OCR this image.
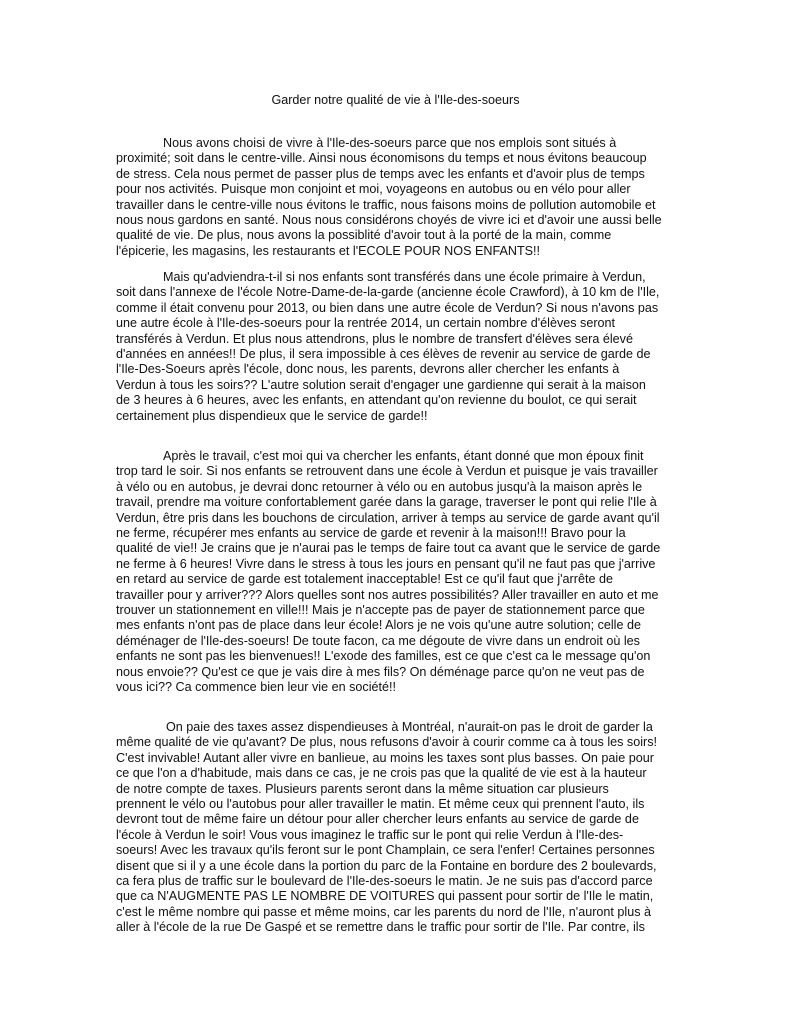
Garder notre qualité de vie à l'Ile-des-soeurs
Nous avons choisi de vivre à l'Ile-des-soeurs parce que nos emplois sont situés à
proximité; soit dans le centre-ville. Ainsi nous économisons du temps et nous évitons beaucoup
de stress. Cela nous permet de passer plus de temps avec les enfants et d'avoir plus de temps
pour nos activités. Puisque mon conjoint et moi, voyageons en autobus ou en vélo pour aller
travailler dans le centre-ville nous évitons le traffic, nous faisons moins de pollution automobile et
nous nous gardons en santé. Nous nous considérons choyés de vivre ici et d'avoir une aussi belle
qualité de vie. De plus, nous avons la possiblité d'avoir tout à la porté de la main, comme
l'épicerie, les magasins, les restaurants et l'ECOLE POUR NOS ENFANTS!!
Mais qu'adviendra-t-il si nos enfants sont transférés dans une école primaire à Verdun,
soit dans l'annexe de l'école Notre-Dame-de-la-garde (ancienne école Crawford), à 10 km de l'Ile,
comme il était convenu pour 2013, ou bien dans une autre école de Verdun? Si nous n'avons pas
une autre école à l'Ile-des-soeurs pour la rentrée 2014, un certain nombre d'élèves seront
transférés à Verdun. Et plus nous attendrons, plus le nombre de transfert d'élèves sera élevé
d'années en années!! De plus, il sera impossible à ces élèves de revenir au service de garde de
l'Ile-Des-Soeurs après l'école, donc nous, les parents, devrons aller chercher les enfants à
Verdun à tous les soirs?? L'autre solution serait d'engager une gardienne qui serait à la maison
de 3 heures à 6 heures, avec les enfants, en attendant qu'on revienne du boulot, ce qui serait
certainement plus dispendieux que le service de garde!!
Après le travail, c'est moi qui va chercher les enfants, étant donné que mon époux finit
trop tard le soir. Si nos enfants se retrouvent dans une école à Verdun et puisque je vais travailler
à vélo ou en autobus, je devrai donc retourner à vélo ou en autobus jusqu'à la maison après le
travail, prendre ma voiture confortablement garée dans la garage, traverser le pont qui relie l'Ile à
Verdun, être pris dans les bouchons de circulation, arriver à temps au service de garde avant qu'il
ne ferme, récupérer mes enfants au service de garde et revenir à la maison!!! Bravo pour la
qualité de vie!! Je crains que je n'aurai pas le temps de faire tout ca avant que le service de garde
ne ferme à 6 heures! Vivre dans le stress à tous les jours en pensant qu'il ne faut pas que j'arrive
en retard au service de garde est totalement inacceptable! Est ce qu'il faut que j'arrête de
travailler pour y arriver??? Alors quelles sont nos autres possibilités? Aller travailler en auto et me
trouver un stationnement en ville!!! Mais je n'accepte pas de payer de stationnement parce que
mes enfants n'ont pas de place dans leur école! Alors je ne vois qu'une autre solution; celle de
déménager de l'Ile-des-soeurs! De toute facon, ca me dégoute de vivre dans un endroit où les
enfants ne sont pas les bienvenues!! L'exode des familles, est ce que c'est ca le message qu'on
nous envoie?? Qu'est ce que je vais dire à mes fils? On déménage parce qu'on ne veut pas de
vous ici?? Ca commence bien leur vie en société!!
On paie des taxes assez dispendieuses à Montréal, n'aurait-on pas le droit de garder la
même qualité de vie qu'avant? De plus, nous refusons d'avoir à courir comme ca à tous les soirs!
C'est invivable! Autant aller vivre en banlieue, au moins les taxes sont plus basses. On paie pour
ce que l'on a d'habitude, mais dans ce cas, je ne crois pas que la qualité de vie est à la hauteur
de notre compte de taxes. Plusieurs parents seront dans la même situation car plusieurs
prennent le vélo ou l'autobus pour aller travailler le matin. Et même ceux qui prennent l'auto, ils
devront tout de même faire un détour pour aller chercher leurs enfants au service de garde de
l'école à Verdun le soir! Vous vous imaginez le traffic sur le pont qui relie Verdun à l'Ile-des-
soeurs! Avec les travaux qu'ils feront sur le pont Champlain, ce sera l'enfer! Certaines personnes
disent que si il y a une école dans la portion du parc de la Fontaine en bordure des 2 boulevards,
ca fera plus de traffic sur le boulevard de l'Ile-des-soeurs le matin. Je ne suis pas d'accord parce
que ca N'AUGMENTE PAS LE NOMBRE DE VOITURES qui passent pour sortir de l'Ile le matin,
c'est le même nombre qui passe et même moins, car les parents du nord de l'Ile, n'auront plus à
aller à l'école de la rue De Gaspé et se remettre dans le traffic pour sortir de l'Ile. Par contre, ils
